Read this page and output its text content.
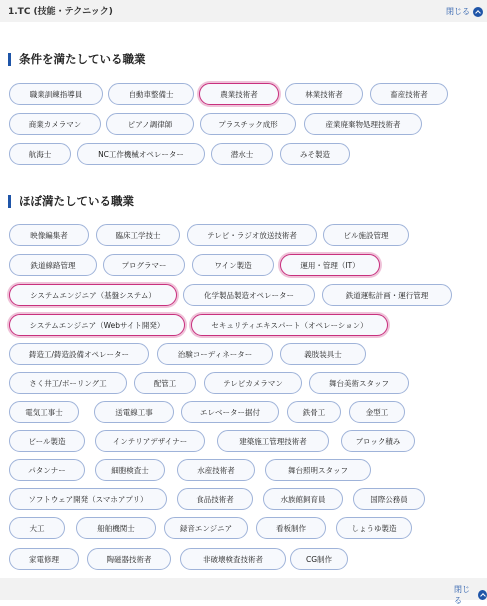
1.TC (技能・テクニック)	閉じる
条件を満たしている職業
職業訓練指導員	自動車整備士	農業技術者	林業技術者	畜産技術者
商業カメラマン	ピアノ調律師	プラスチック成形	産業廃棄物処理技術者
航海士	NC工作機械オペレーター	潜水士	みそ製造
ほぼ満たしている職業
映像編集者	臨床工学技士	テレビ・ラジオ放送技術者	ビル施設管理
鉄道線路管理	プログラマー	ワイン製造	運用・管理（IT）
システムエンジニア（基盤システム）	化学製品製造オペレーター	鉄道運転計画・運行管理
システムエンジニア（Webサイト開発）	セキュリティエキスパート（オペレーション）
鋳造工/鋳造設備オペレーター	治験コーディネーター	義肢装具士
さく井工/ボーリング工	配管工	テレビカメラマン	舞台美術スタッフ
電気工事士	送電線工事	エレベーター据付	鉄骨工	金型工
ビール製造	インテリアデザイナー	建築施工管理技術者	ブロック積み
パタンナー	細胞検査士	水産技術者	舞台照明スタッフ
ソフトウェア開発（スマホアプリ）	食品技術者	水族館飼育員	国際公務員
大工	船舶機関士	録音エンジニア	看板制作	しょうゆ製造
家電修理	陶磁器技術者	非破壊検査技術者	CG制作
閉じる
